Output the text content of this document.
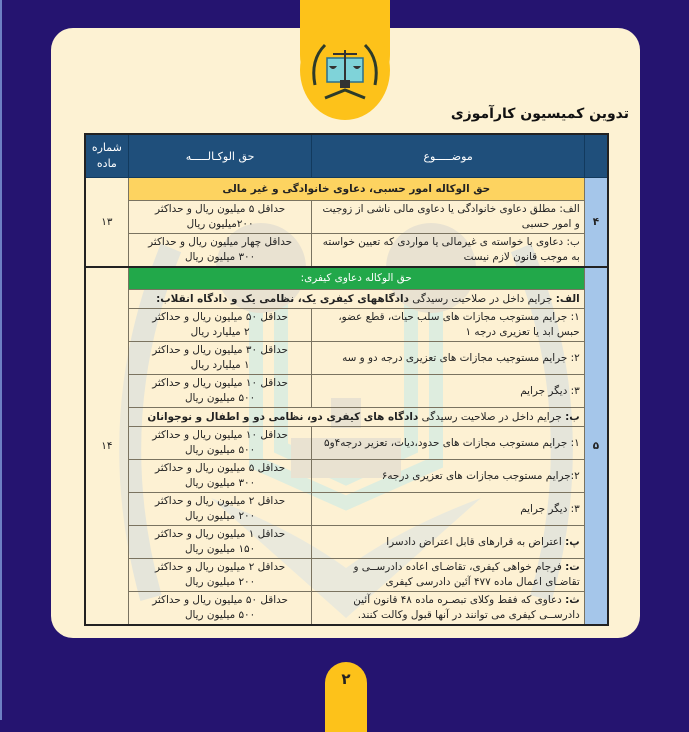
تدوین کمیسیون کارآموزی
	موضـــــوع	حق الوکـالـــــه	شماره
ماده
۴	حق الوکاله امور حسبی، دعاوی خانوادگی و غیر مالی		۱۳
	الف: مطلق دعاوی خانوادگی یا دعاوی مالی ناشی از زوجیت و امور حسبی	حداقل ۵ میلیون ریال و حداکثر
۲۰۰میلیون ریال	
	ب: دعاوی با خواسته ی غیرمالی یا مواردی که تعیین خواسته به موجب قانون لازم نیست	حداقل چهار میلیون ریال و حداکثر
۳۰۰ میلیون ریال	
۵	حق الوکاله دعاوی کیفری:		۱۴
	الف: جرایم داخل در صلاحیت رسیدگی دادگاههای کیفری یک، نظامی یک و دادگاه انقلاب:		
	۱: جرایم مستوجب مجازات های سلب حیات، قطع عضو، حبس ابد یا تعزیری درجه ۱	حداقل ۵۰ میلیون ریال و حداکثر
۲ میلیارد ریال	
	۲: جرایم مستوجیب مجازات های تعزیری درجه دو و سه	حداقل ۳۰ میلیون ریال و حداکثر
۱ میلیارد ریال	
	۳: دیگر جرایم	حداقل ۱۰ میلیون ریال و حداکثر
۵۰۰ میلیون ریال	
	ب: جرایم داخل در صلاحیت رسیدگی دادگاه های کیفری دو، نظامی دو و اطفال و نوجوانان		
	۱: جرایم مستوجب مجازات های حدود،دیات، تعزیر درجه۴و۵	حداقل ۱۰ میلیون ریال و حداکثر
۵۰۰ میلیون ریال	
	۲:جرایم مستوجب مجازات های تعزیری درجه۶	حداقل ۵ میلیون ریال و حداکثر
۳۰۰ میلیون ریال	
	۳: دیگر جرایم	حداقل ۲ میلیون ریال و حداکثر
۲۰۰ میلیون ریال	
	پ: اعتراض به قرارهای قابل اعتراض دادسرا	حداقل ۱ میلیون ریال و حداکثر
۱۵۰ میلیون ریال	
	ت: فرجام خواهی کیفری، تقاضـای اعاده دادرســی و تقاضـای اعمال ماده ۴۷۷ آئین دادرسی کیفری	حداقل ۲ میلیون ریال و حداکثر
۲۰۰ میلیون ریال	
	ث: دعاوی که فقط وکلای تبصـره ماده ۴۸ قانون آئین دادرســی کیفری می توانند در آنها قبول وکالت کنند.	حداقل ۵۰ میلیون ریال و حداکثر
۵۰۰ میلیون ریال	
۲
